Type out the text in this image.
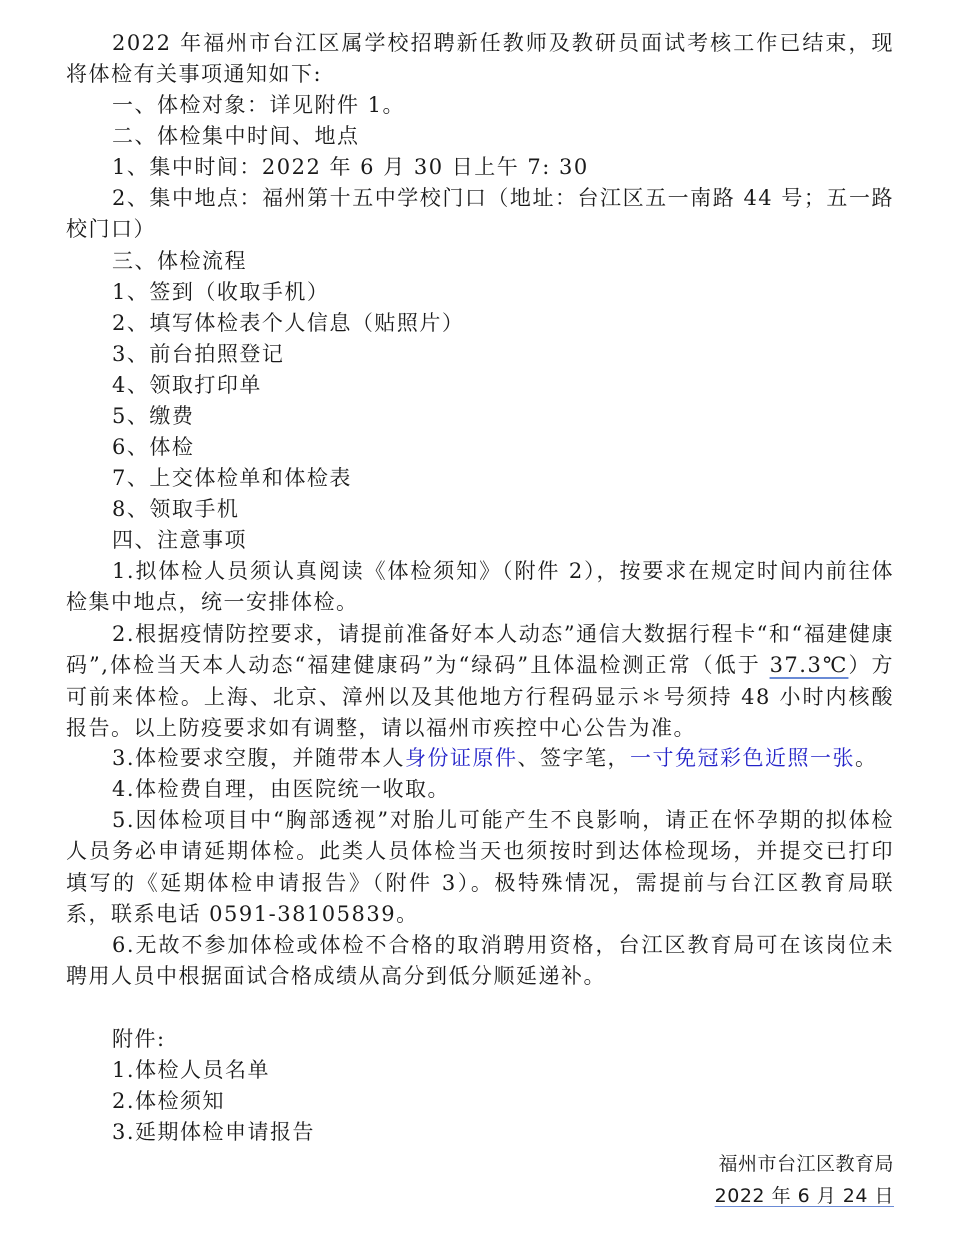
2022 年福州市台江区属学校招聘新任教师及教研员面试考核工作已结束，现将体检有关事项通知如下:

一、体检对象：详见附件 1。

二、体检集中时间、地点

1、集中时间：2022 年 6 月 30 日上午 7: 30

2、集中地点：福州第十五中学校门口（地址：台江区五一南路 44 号；五一路校门口）

三、体检流程

1、签到（收取手机）

2、填写体检表个人信息（贴照片）

3、前台拍照登记

4、领取打印单

5、缴费

6、体检

7、上交体检单和体检表

8、领取手机

四、注意事项

1.拟体检人员须认真阅读《体检须知》（附件 2），按要求在规定时间内前往体检集中地点，统一安排体检。

2.根据疫情防控要求，请提前准备好本人动态”通信大数据行程卡“和“福建健康码”,体检当天本人动态“福建健康码”为“绿码”且体温检测正常（低于 37.3℃）方可前来体检。上海、北京、漳州以及其他地方行程码显示＊号须持 48 小时内核酸报告。以上防疫要求如有调整，请以福州市疾控中心公告为准。

3.体检要求空腹，并随带本人身份证原件、签字笔，一寸免冠彩色近照一张。

4.体检费自理，由医院统一收取。

5.因体检项目中“胸部透视”对胎儿可能产生不良影响，请正在怀孕期的拟体检人员务必申请延期体检。此类人员体检当天也须按时到达体检现场，并提交已打印填写的《延期体检申请报告》（附件 3）。极特殊情况，需提前与台江区教育局联系，联系电话 0591-38105839。

6.无故不参加体检或体检不合格的取消聘用资格，台江区教育局可在该岗位未聘用人员中根据面试合格成绩从高分到低分顺延递补。

附件:

1.体检人员名单

2.体检须知

3.延期体检申请报告

福州市台江区教育局
2022 年 6 月 24 日
